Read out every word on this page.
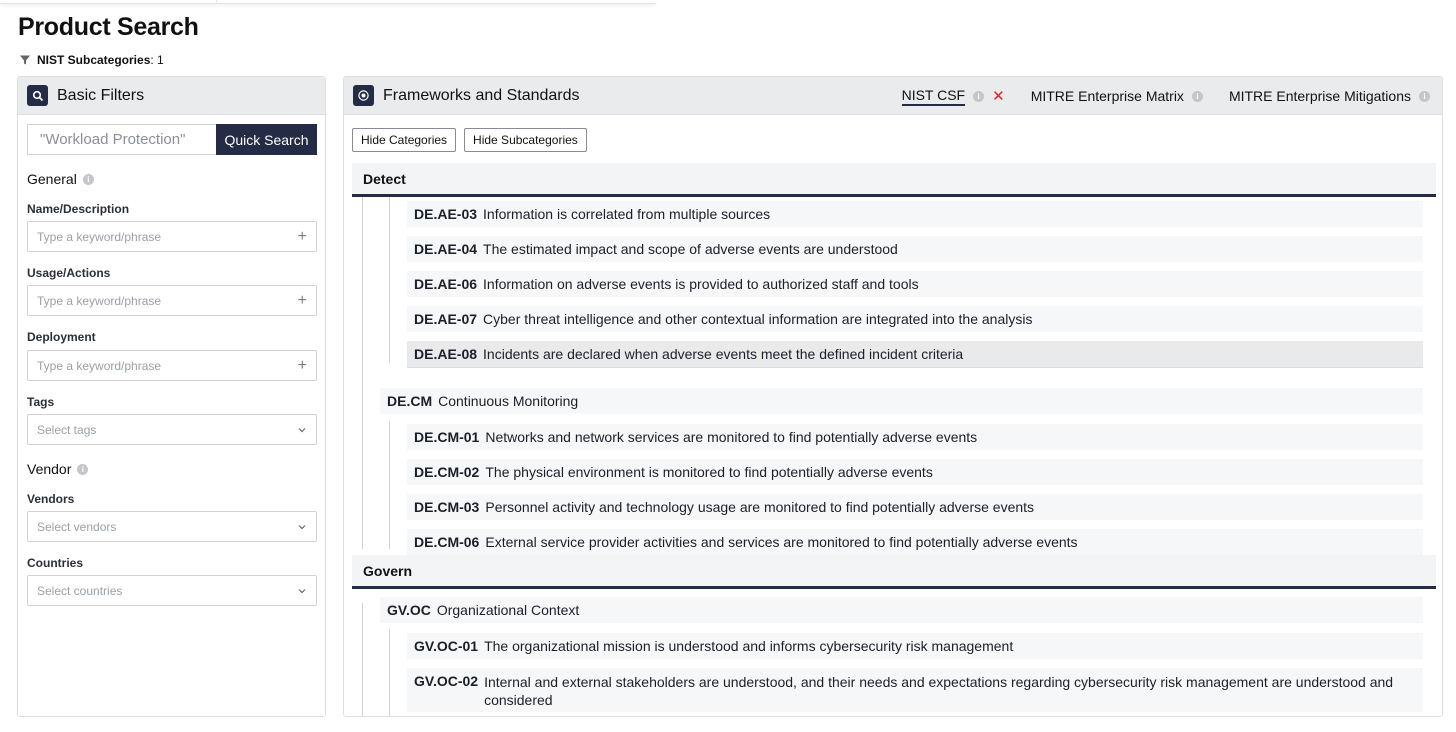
Product Search
NIST Subcategories: 1
Basic Filters
"Workload Protection"	Quick Search
General	i
Name/Description
Type a keyword/phrase	+
Usage/Actions
Type a keyword/phrase	+
Deployment
Type a keyword/phrase	+
Tags
Select tags
Vendor	i
Vendors
Select vendors
Countries
Select countries
Frameworks and Standards	NIST CSF	i ✕ MITRE Enterprise Matrix	i	MITRE Enterprise Mitigations	i
Hide Categories	Hide Subcategories
Detect
DE.AE-03 Information is correlated from multiple sources
DE.AE-04 The estimated impact and scope of adverse events are understood
DE.AE-06 Information on adverse events is provided to authorized staff and tools
DE.AE-07 Cyber threat intelligence and other contextual information are integrated into the analysis
DE.AE-08 Incidents are declared when adverse events meet the defined incident criteria
DE.CM Continuous Monitoring
DE.CM-01 Networks and network services are monitored to find potentially adverse events
DE.CM-02 The physical environment is monitored to find potentially adverse events
DE.CM-03 Personnel activity and technology usage are monitored to find potentially adverse events
DE.CM-06 External service provider activities and services are monitored to find potentially adverse events
Govern
GV.OC Organizational Context
GV.OC-01 The organizational mission is understood and informs cybersecurity risk management
GV.OC-02 Internal and external stakeholders are understood, and their needs and expectations regarding cybersecurity risk management are understood and considered
